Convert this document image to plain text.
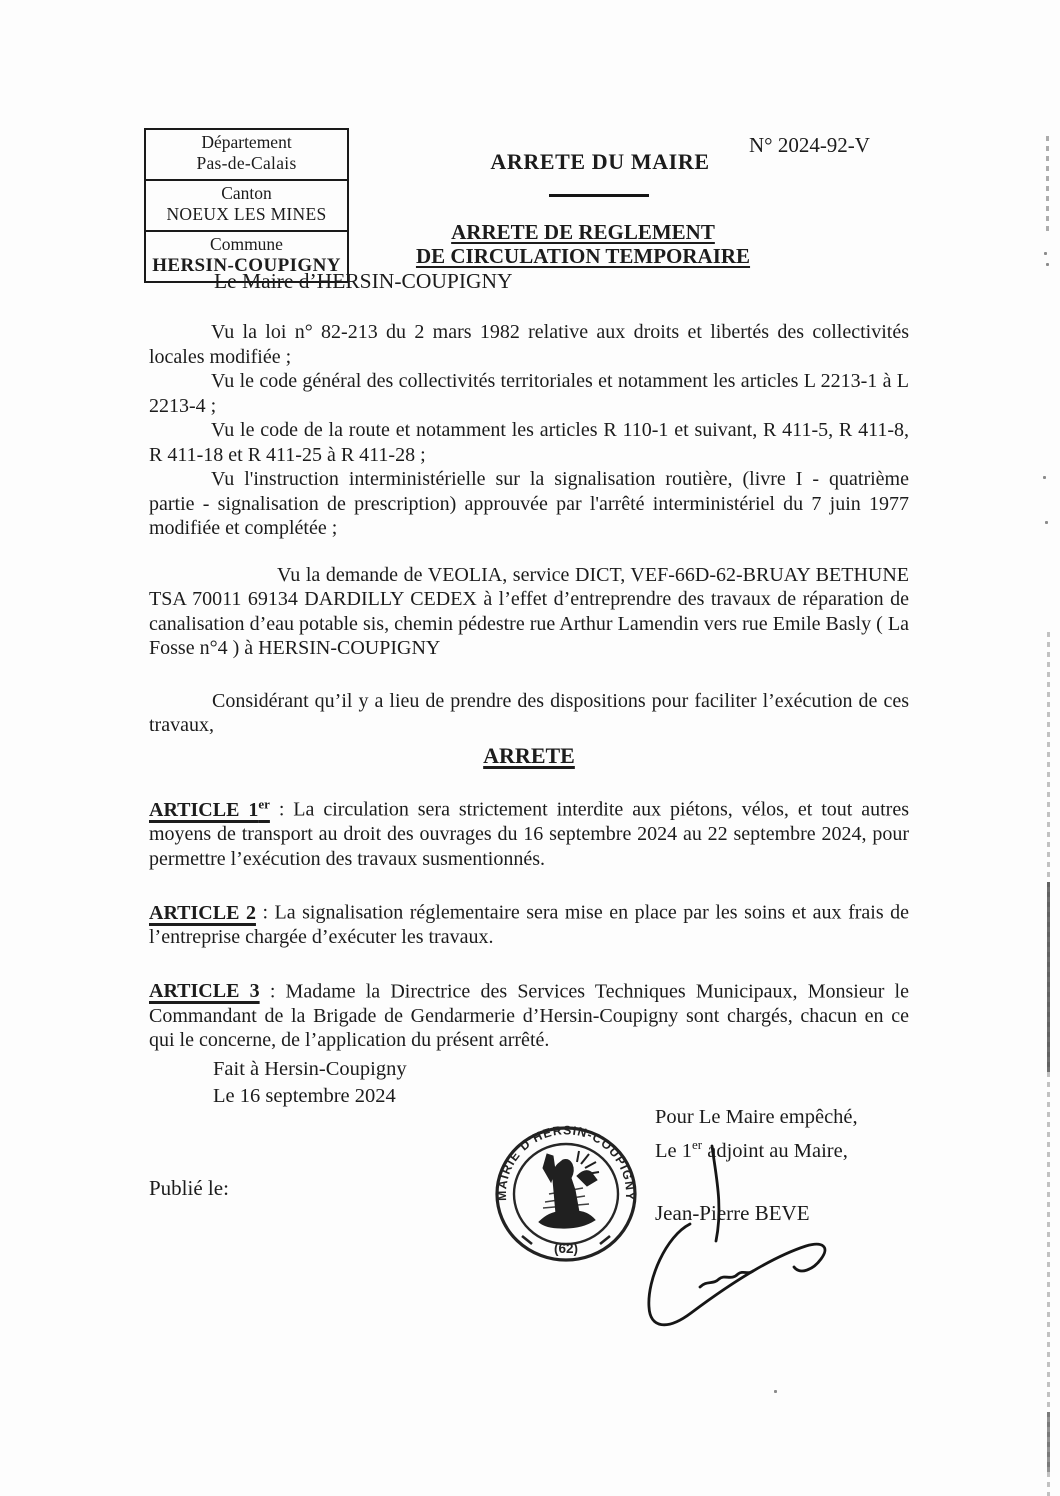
Département
Pas-de-Calais
Canton
NOEUX LES MINES
Commune
HERSIN-COUPIGNY
N° 2024-92-V
ARRETE DU MAIRE
ARRETE DE REGLEMENT
DE CIRCULATION TEMPORAIRE
Le Maire d’HERSIN-COUPIGNY

Vu la loi n° 82-213 du 2 mars 1982 relative aux droits et libertés des collectivités locales modifiée ;

Vu le code général des collectivités territoriales et notamment les articles L 2213-1 à L 2213-4 ;

Vu le code de la route et notamment les articles R 110-1 et suivant, R 411-5, R 411-8, R 411-18 et R 411-25 à R 411-28 ;

Vu l'instruction interministérielle sur la signalisation routière, (livre I - quatrième partie - signalisation de prescription) approuvée par l'arrêté interministériel du 7 juin 1977 modifiée et complétée ;

Vu la demande de VEOLIA, service DICT, VEF-66D-62-BRUAY BETHUNE TSA 70011 69134 DARDILLY CEDEX à l’effet d’entreprendre des travaux de réparation de canalisation d’eau potable sis, chemin pédestre rue Arthur Lamendin vers rue Emile Basly ( La Fosse n°4 ) à HERSIN-COUPIGNY

Considérant qu’il y a lieu de prendre des dispositions pour faciliter l’exécution de ces travaux,

ARRETE

ARTICLE 1er : La circulation sera strictement interdite aux piétons, vélos, et tout autres moyens de transport au droit des ouvrages du 16 septembre 2024 au 22 septembre 2024, pour permettre l’exécution des travaux susmentionnés.

ARTICLE 2 : La signalisation réglementaire sera mise en place par les soins et aux frais de l’entreprise chargée d’exécuter les travaux.

ARTICLE 3 : Madame la Directrice des Services Techniques Municipaux, Monsieur le Commandant de la Brigade de Gendarmerie d’Hersin-Coupigny sont chargés, chacun en ce qui le concerne, de l’application du présent arrêté.

Fait à Hersin-Coupigny
Le 16 septembre 2024
Pour Le Maire empêché,
Le 1er adjoint au Maire,
Publié le:	MAIRIE D'HERSIN-COUPIGNY
(62)
Jean-Pierre BEVE
